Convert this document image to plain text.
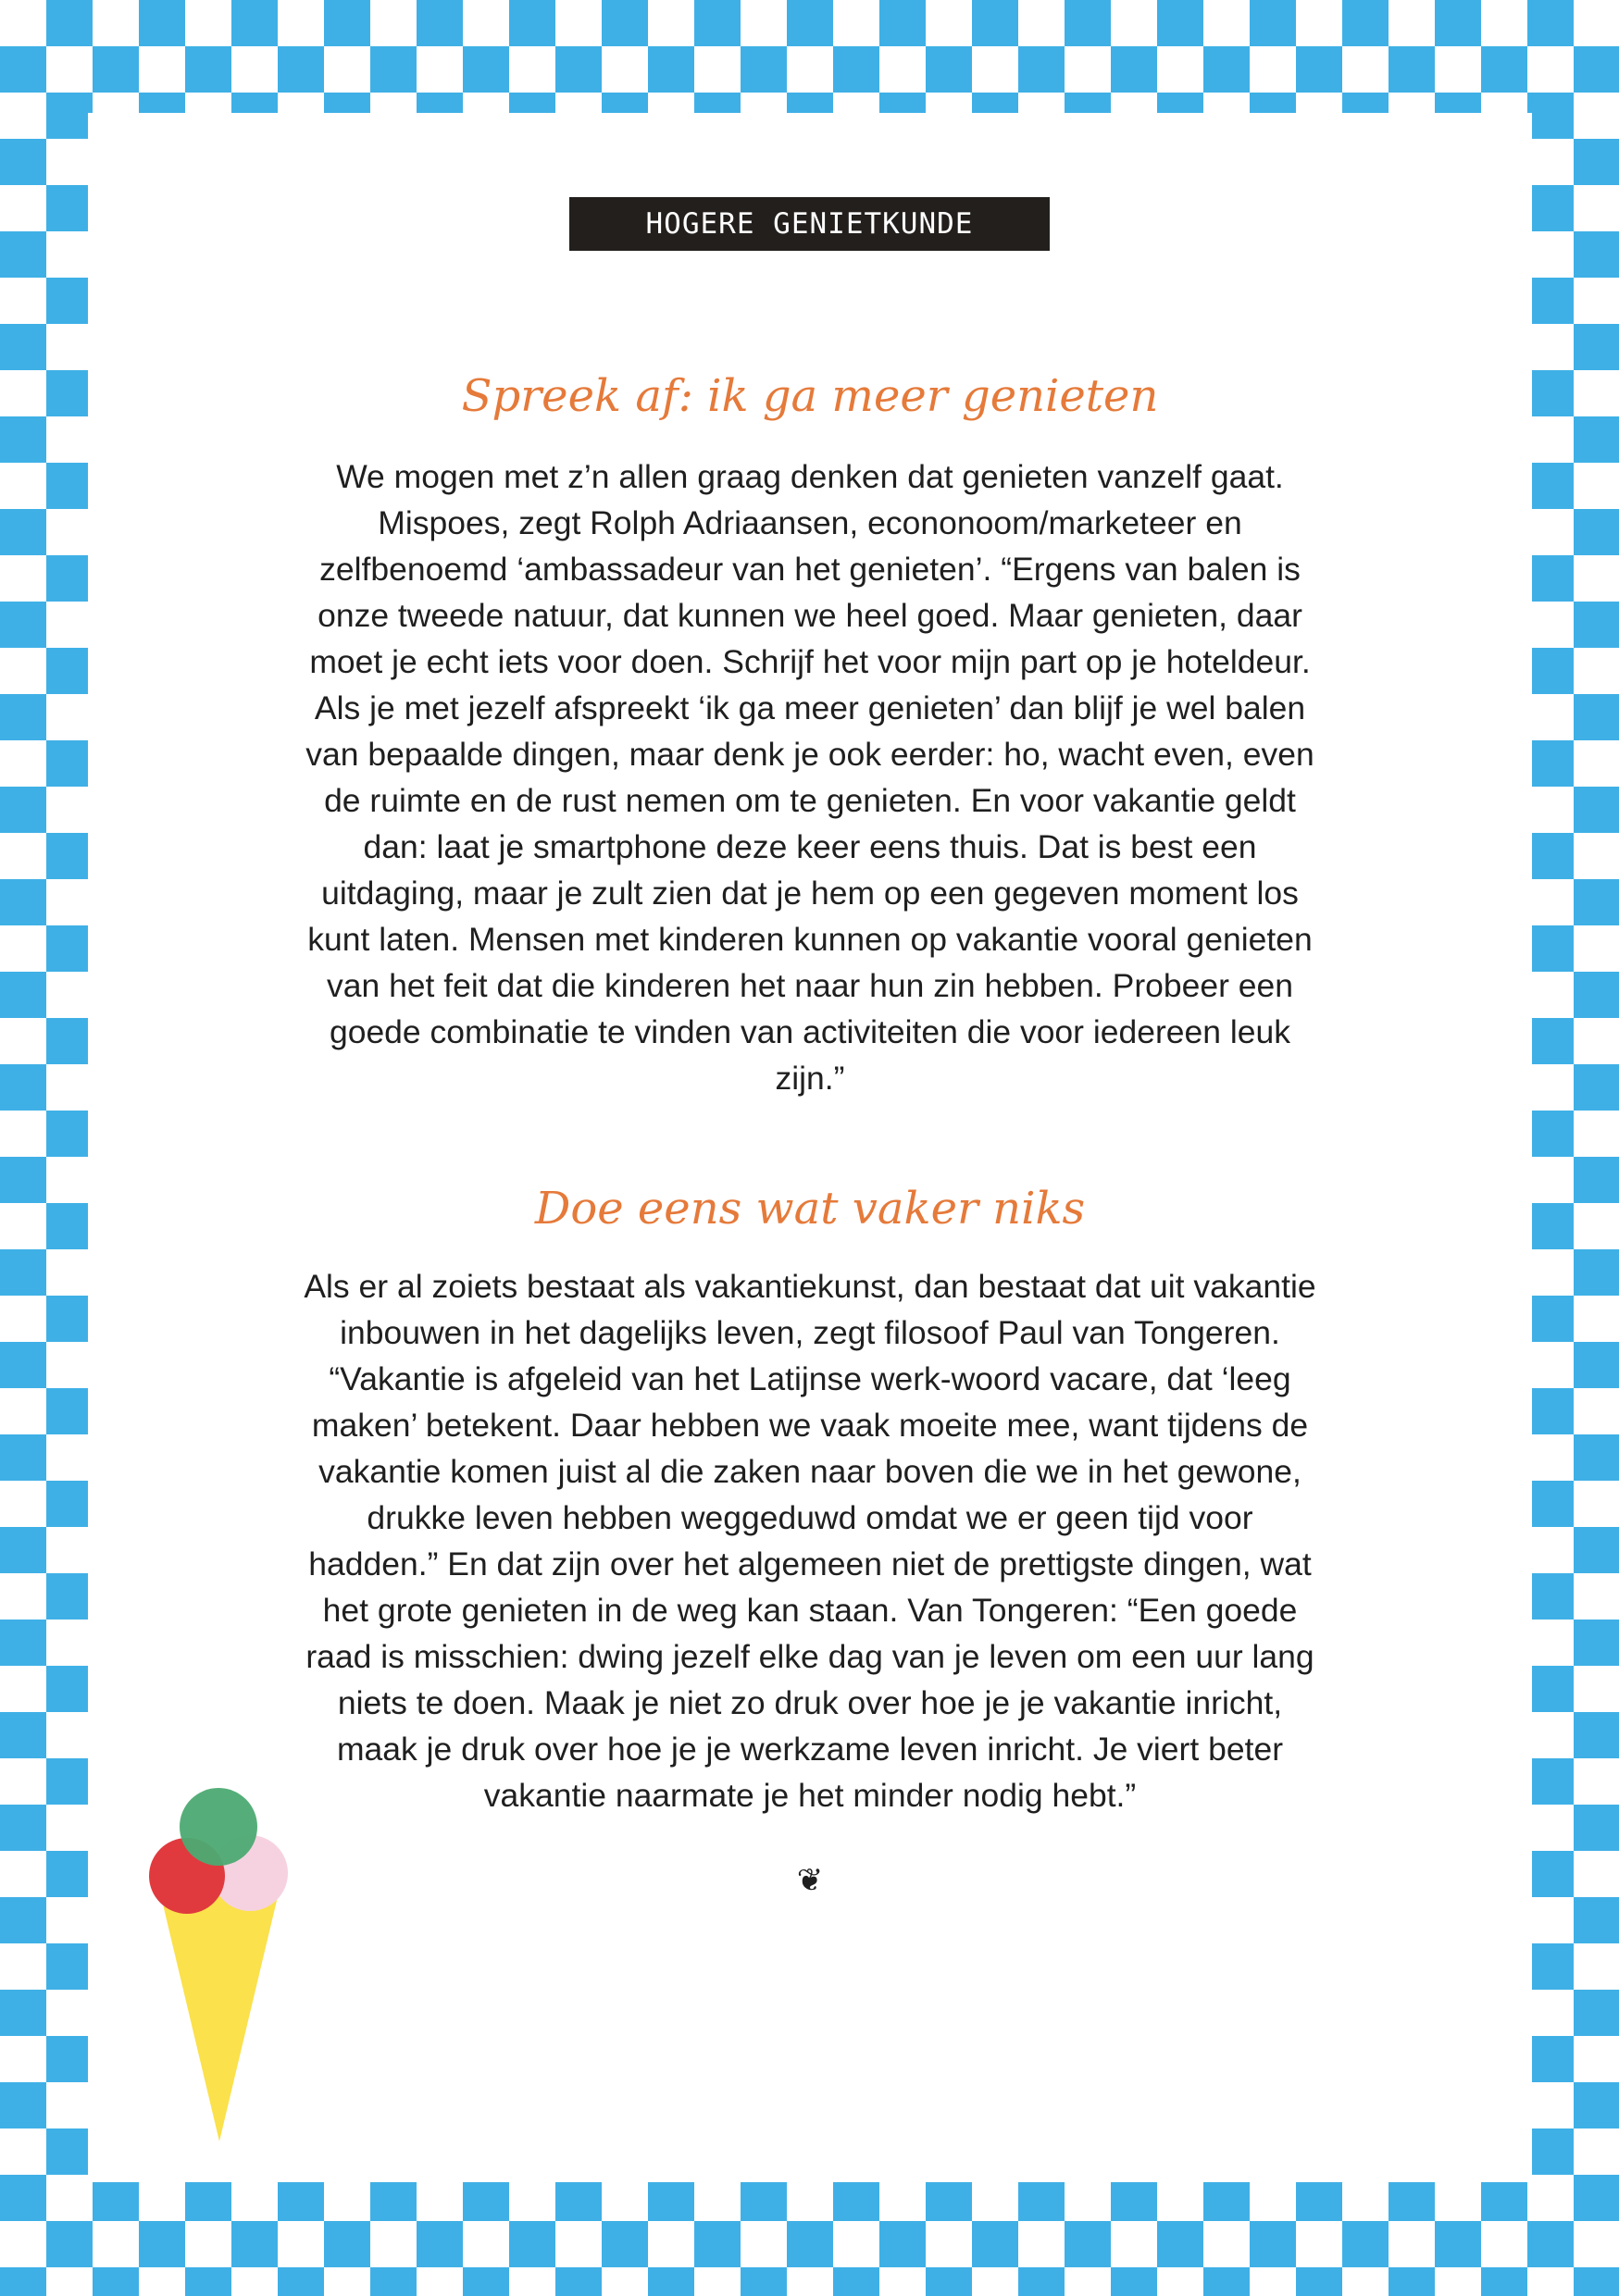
HOGERE GENIETKUNDE
Spreek af: ik ga meer genieten

We mogen met z’n allen graag denken dat genieten vanzelf gaat. Mispoes, zegt Rolph Adriaansen, econonoom/marketeer en zelfbenoemd ‘ambassadeur van het genieten’. “Ergens van balen is onze tweede natuur, dat kunnen we heel goed. Maar genieten, daar moet je echt iets voor doen. Schrijf het voor mijn part op je hoteldeur. Als je met jezelf afspreekt ‘ik ga meer genieten’ dan blijf je wel balen van bepaalde dingen, maar denk je ook eerder: ho, wacht even, even de ruimte en de rust nemen om te genieten. En voor vakantie geldt dan: laat je smartphone deze keer eens thuis. Dat is best een uitdaging, maar je zult zien dat je hem op een gegeven moment los kunt laten. Mensen met kinderen kunnen op vakantie vooral genieten van het feit dat die kinderen het naar hun zin hebben. Probeer een goede combinatie te vinden van activiteiten die voor iedereen leuk zijn.”

Doe eens wat vaker niks

Als er al zoiets bestaat als vakantiekunst, dan bestaat dat uit vakantie inbouwen in het dagelijks leven, zegt filosoof Paul van Tongeren. “Vakantie is afgeleid van het Latijnse werk-woord vacare, dat ‘leeg maken’ betekent. Daar hebben we vaak moeite mee, want tijdens de vakantie komen juist al die zaken naar boven die we in het gewone, drukke leven hebben weggeduwd omdat we er geen tijd voor hadden.” En dat zijn over het algemeen niet de prettigste dingen, wat het grote genieten in de weg kan staan. Van Tongeren: “Een goede raad is misschien: dwing jezelf elke dag van je leven om een uur lang niets te doen. Maak je niet zo druk over hoe je je vakantie inricht, maak je druk over hoe je je werkzame leven inricht. Je viert beter vakantie naarmate je het minder nodig hebt.”

❦
